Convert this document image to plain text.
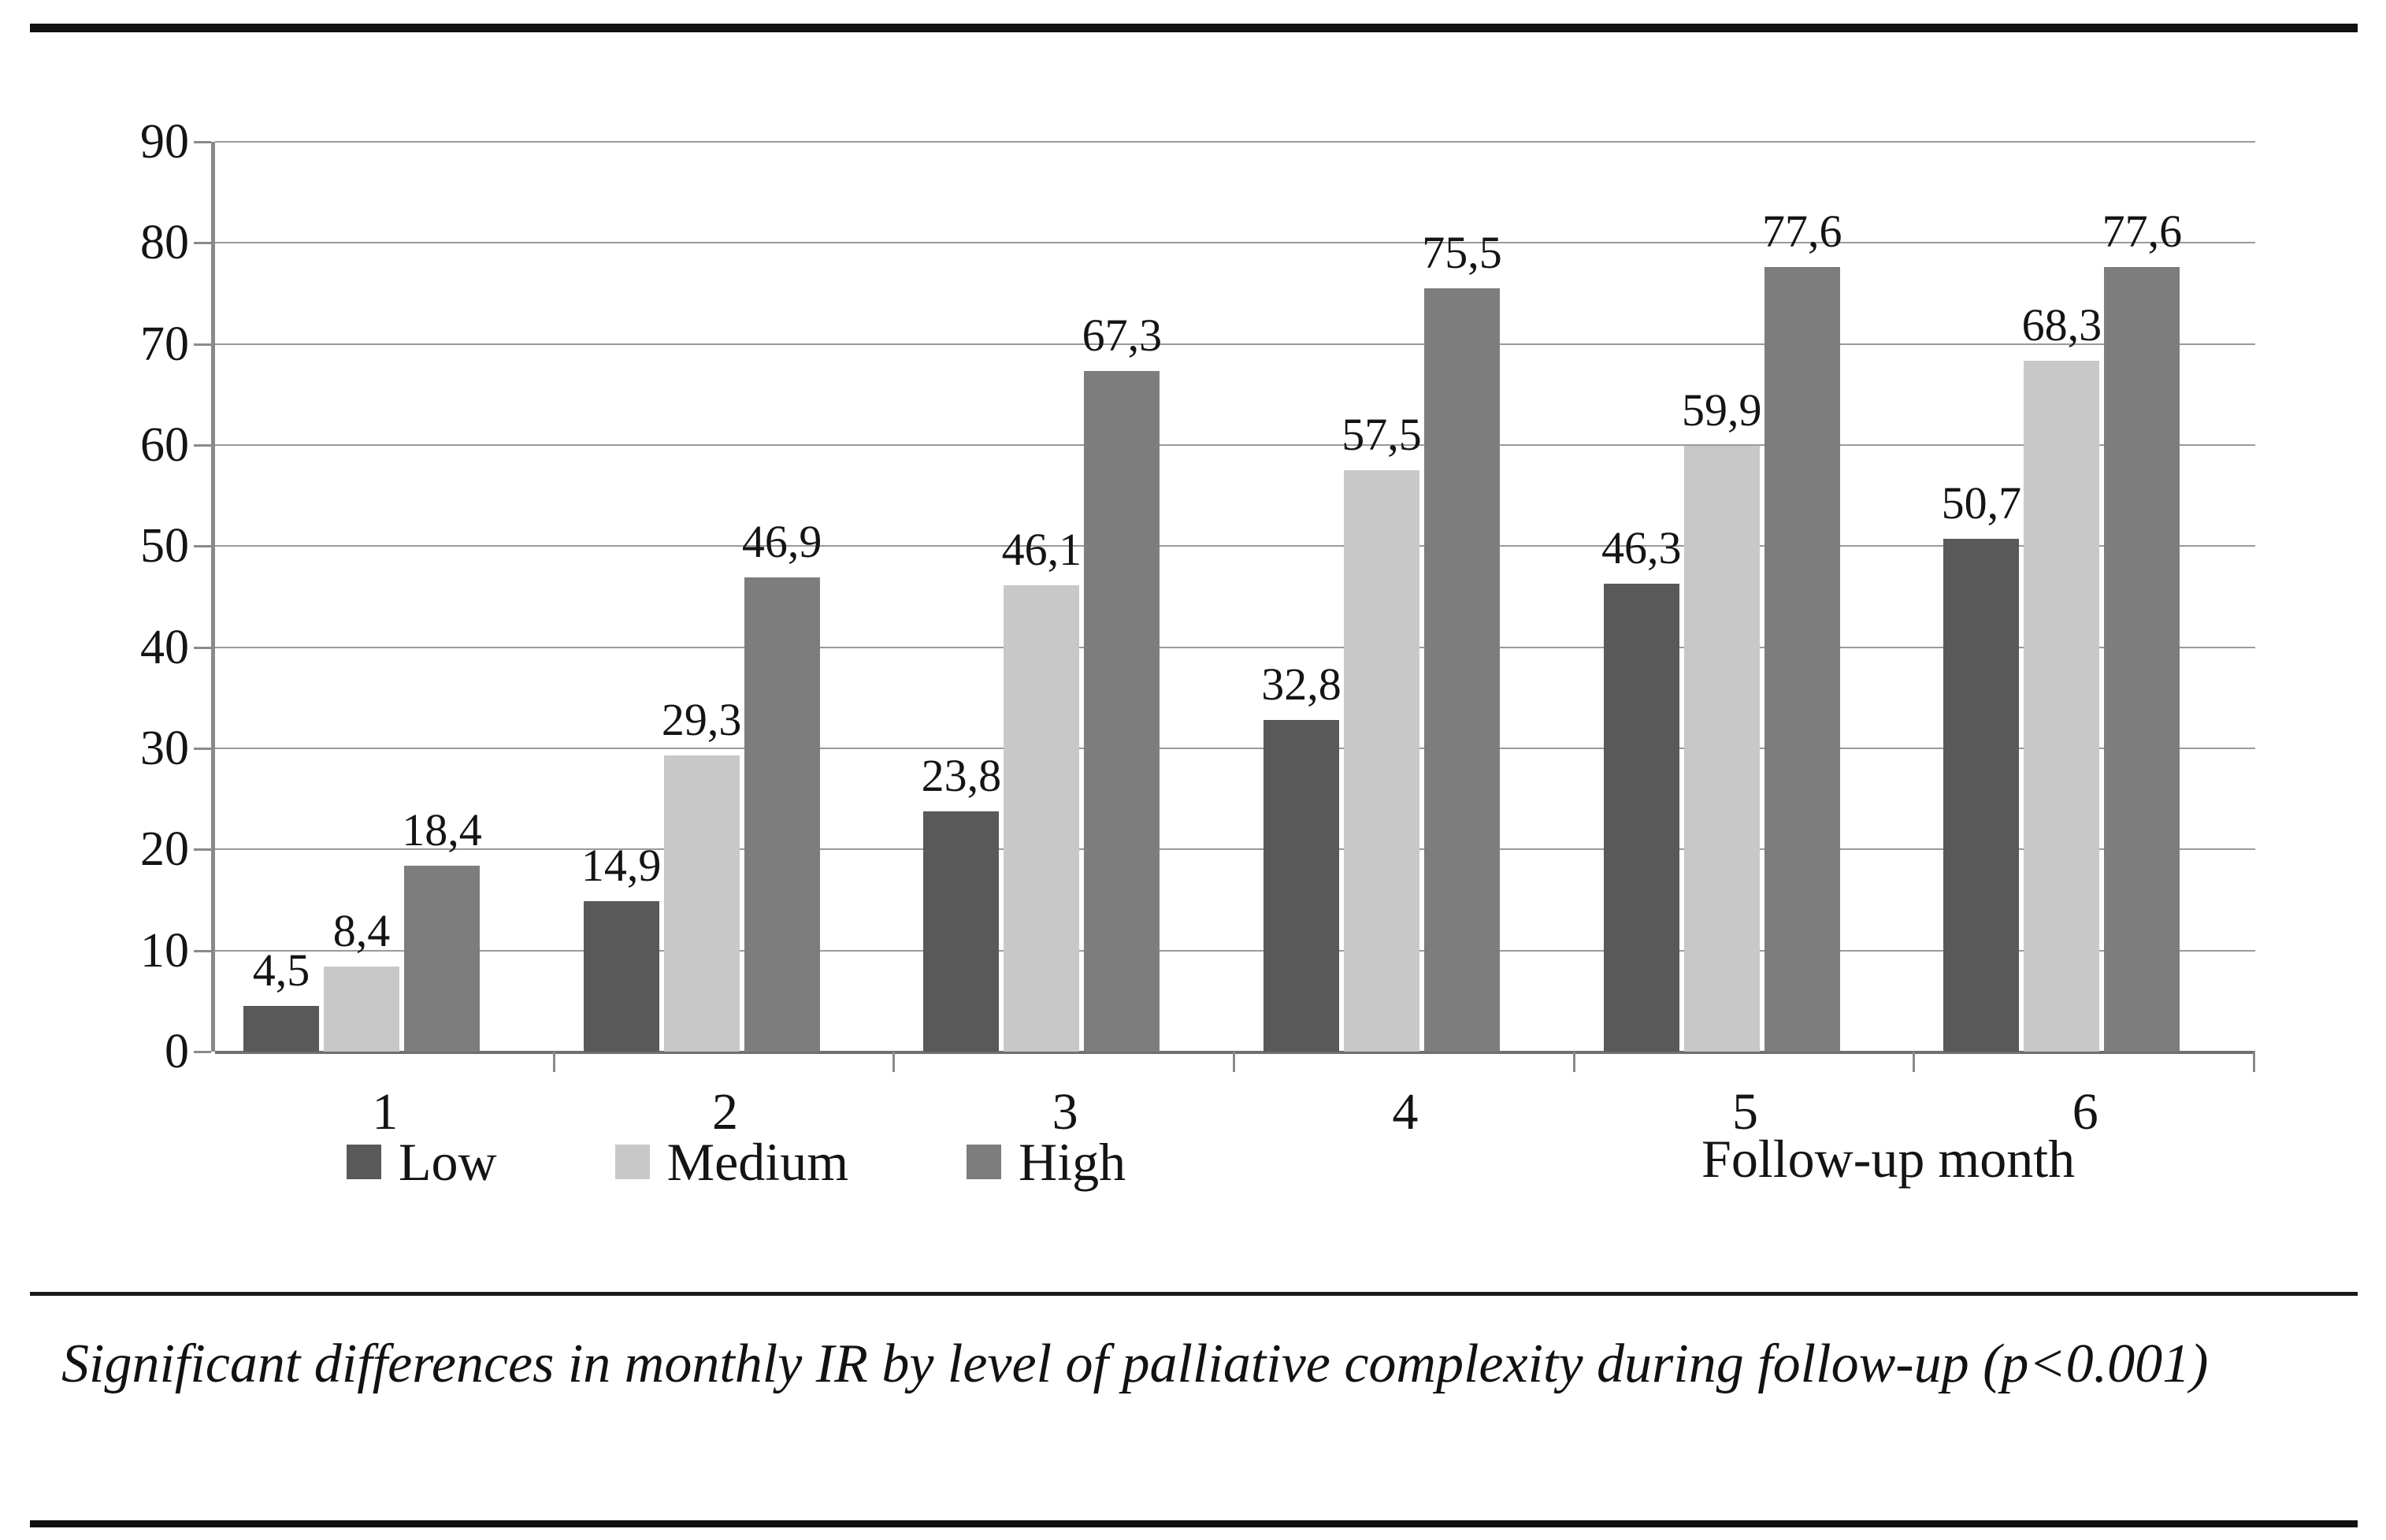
0
10
20
30
40
50
60
70
80
90
4,5
8,4
18,4
14,9
29,3
46,9
23,8
46,1
67,3
32,8
57,5
75,5
46,3
59,9
77,6
50,7
68,3
77,6
1	2	3	4	5	6
Low	Medium	High	Follow-up month
Significant differences in monthly IR by level of palliative complexity during follow-up (p<0.001)
